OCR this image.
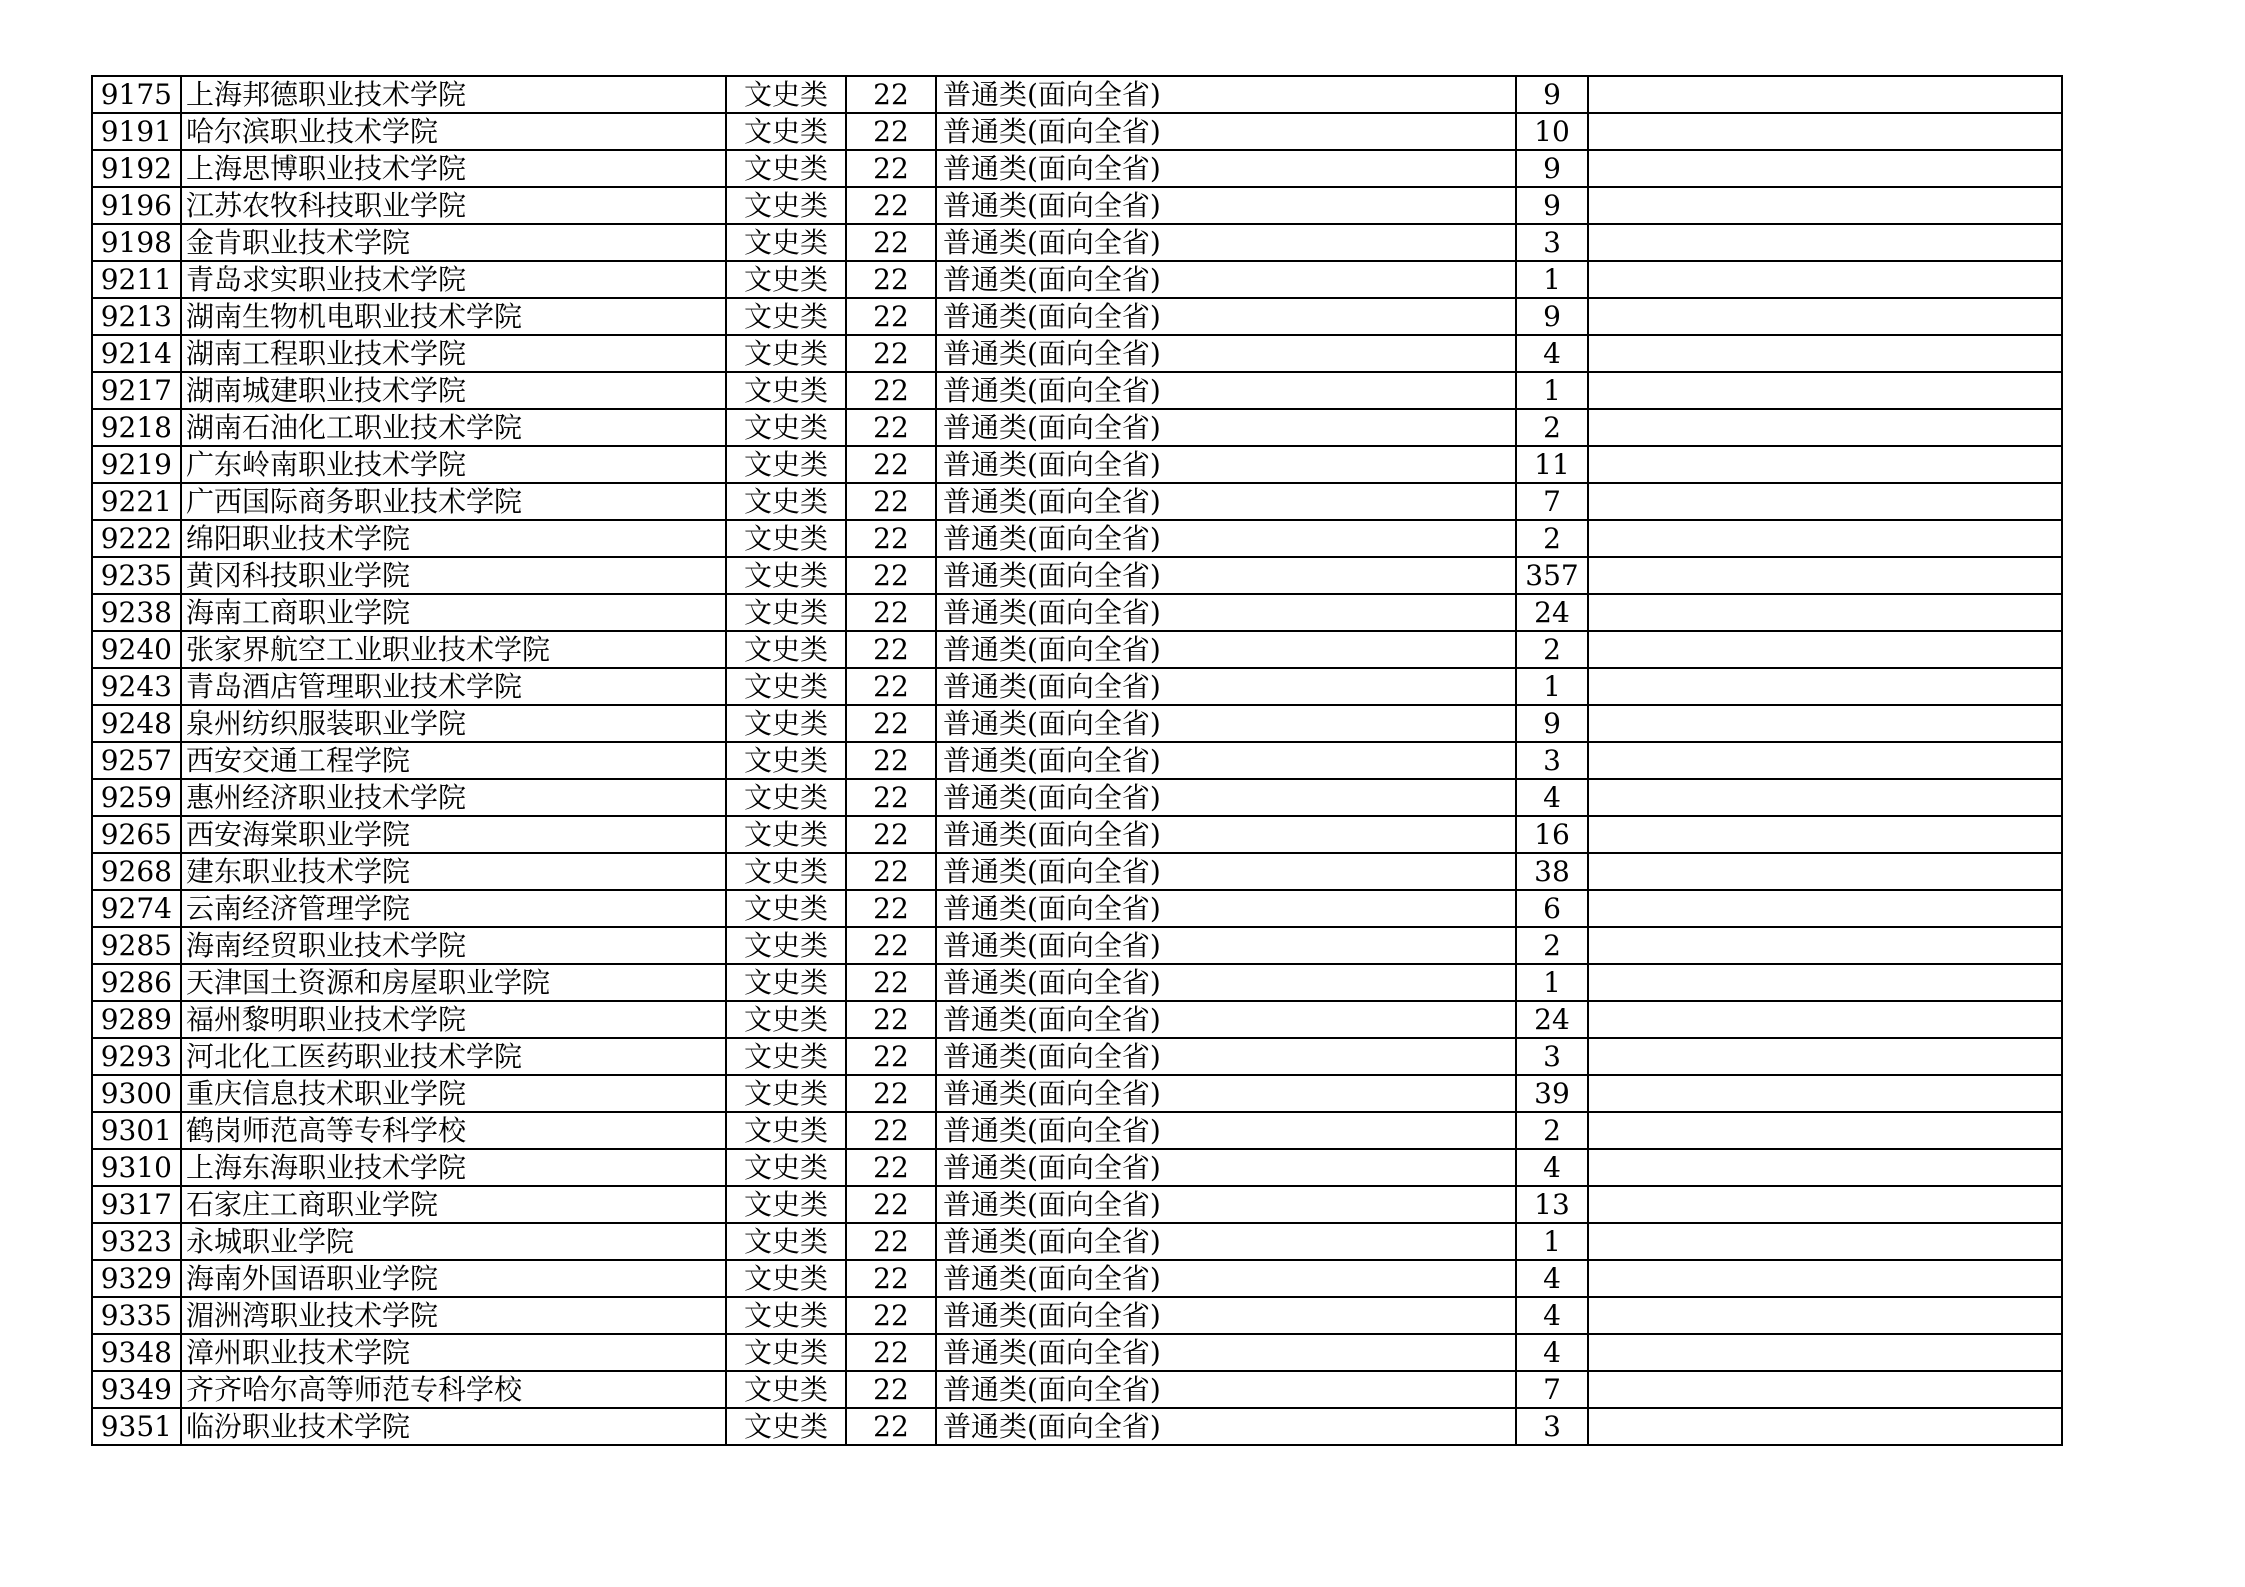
9175	上海邦德职业技术学院	文史类	22	普通类(面向全省)	9	
9191	哈尔滨职业技术学院	文史类	22	普通类(面向全省)	10	
9192	上海思博职业技术学院	文史类	22	普通类(面向全省)	9	
9196	江苏农牧科技职业学院	文史类	22	普通类(面向全省)	9	
9198	金肯职业技术学院	文史类	22	普通类(面向全省)	3	
9211	青岛求实职业技术学院	文史类	22	普通类(面向全省)	1	
9213	湖南生物机电职业技术学院	文史类	22	普通类(面向全省)	9	
9214	湖南工程职业技术学院	文史类	22	普通类(面向全省)	4	
9217	湖南城建职业技术学院	文史类	22	普通类(面向全省)	1	
9218	湖南石油化工职业技术学院	文史类	22	普通类(面向全省)	2	
9219	广东岭南职业技术学院	文史类	22	普通类(面向全省)	11	
9221	广西国际商务职业技术学院	文史类	22	普通类(面向全省)	7	
9222	绵阳职业技术学院	文史类	22	普通类(面向全省)	2	
9235	黄冈科技职业学院	文史类	22	普通类(面向全省)	357	
9238	海南工商职业学院	文史类	22	普通类(面向全省)	24	
9240	张家界航空工业职业技术学院	文史类	22	普通类(面向全省)	2	
9243	青岛酒店管理职业技术学院	文史类	22	普通类(面向全省)	1	
9248	泉州纺织服装职业学院	文史类	22	普通类(面向全省)	9	
9257	西安交通工程学院	文史类	22	普通类(面向全省)	3	
9259	惠州经济职业技术学院	文史类	22	普通类(面向全省)	4	
9265	西安海棠职业学院	文史类	22	普通类(面向全省)	16	
9268	建东职业技术学院	文史类	22	普通类(面向全省)	38	
9274	云南经济管理学院	文史类	22	普通类(面向全省)	6	
9285	海南经贸职业技术学院	文史类	22	普通类(面向全省)	2	
9286	天津国土资源和房屋职业学院	文史类	22	普通类(面向全省)	1	
9289	福州黎明职业技术学院	文史类	22	普通类(面向全省)	24	
9293	河北化工医药职业技术学院	文史类	22	普通类(面向全省)	3	
9300	重庆信息技术职业学院	文史类	22	普通类(面向全省)	39	
9301	鹤岗师范高等专科学校	文史类	22	普通类(面向全省)	2	
9310	上海东海职业技术学院	文史类	22	普通类(面向全省)	4	
9317	石家庄工商职业学院	文史类	22	普通类(面向全省)	13	
9323	永城职业学院	文史类	22	普通类(面向全省)	1	
9329	海南外国语职业学院	文史类	22	普通类(面向全省)	4	
9335	湄洲湾职业技术学院	文史类	22	普通类(面向全省)	4	
9348	漳州职业技术学院	文史类	22	普通类(面向全省)	4	
9349	齐齐哈尔高等师范专科学校	文史类	22	普通类(面向全省)	7	
9351	临汾职业技术学院	文史类	22	普通类(面向全省)	3	
